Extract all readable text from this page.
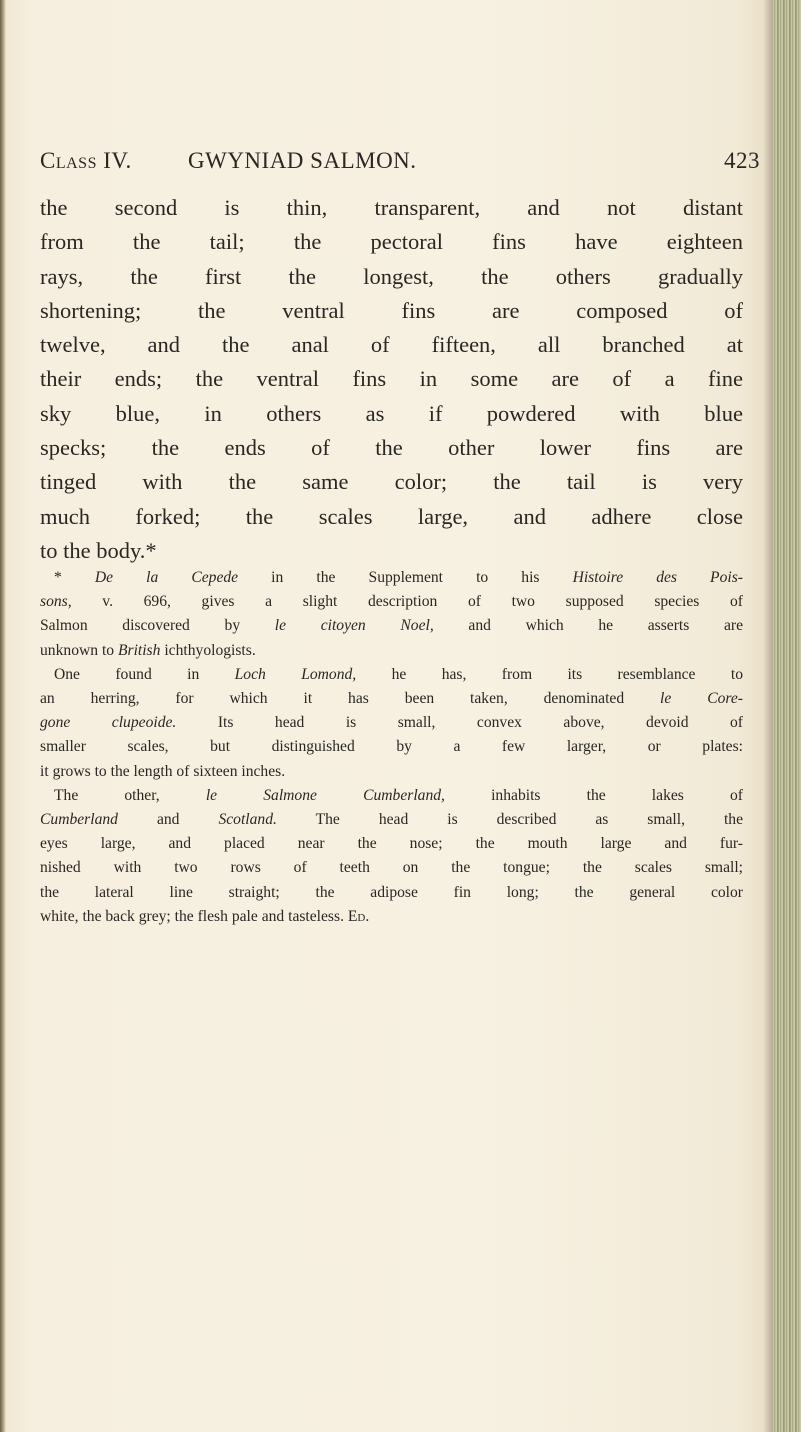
Class IV. GWYNIAD SALMON.	423
the second is thin, transparent, and not distant
from the tail; the pectoral fins have eighteen
rays, the first the longest, the others gradually
shortening; the ventral fins are composed of
twelve, and the anal of fifteen, all branched at
their ends; the ventral fins in some are of a fine
sky blue, in others as if powdered with blue
specks; the ends of the other lower fins are
tinged with the same color; the tail is very
much forked; the scales large, and adhere close
to the body.*
* De la Cepede in the Supplement to his Histoire des Pois-
sons, v. 696, gives a slight description of two supposed species of
Salmon discovered by le citoyen Noel, and which he asserts are
unknown to British ichthyologists.
One found in Loch Lomond, he has, from its resemblance to
an herring, for which it has been taken, denominated le Core-
gone clupeoide. Its head is small, convex above, devoid of
smaller scales, but distinguished by a few larger, or plates:
it grows to the length of sixteen inches.
The other, le Salmone Cumberland, inhabits the lakes of
Cumberland and Scotland. The head is described as small, the
eyes large, and placed near the nose; the mouth large and fur-
nished with two rows of teeth on the tongue; the scales small;
the lateral line straight; the adipose fin long; the general color
white, the back grey; the flesh pale and tasteless. Ed.
